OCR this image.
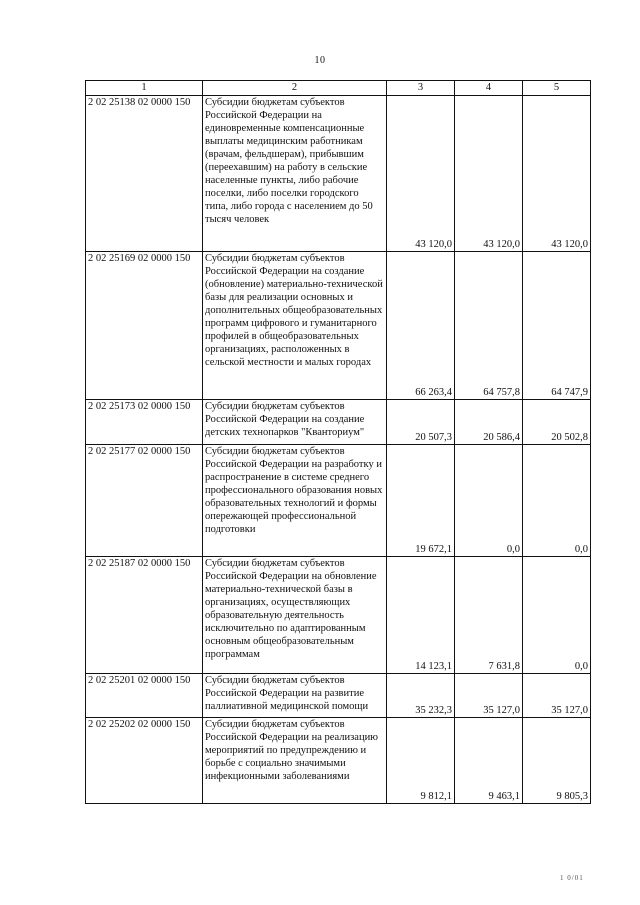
10
1	2	3	4	5
2 02 25138 02 0000 150	Субсидии бюджетам субъектов Российской Федерации на единовременные компенсационные выплаты медицинским работникам (врачам, фельдшерам), прибывшим (переехавшим) на работу в сельские населенные пункты, либо рабочие поселки, либо поселки городского типа, либо города с населением до 50 тысяч человек	43 120,0	43 120,0	43 120,0
2 02 25169 02 0000 150	Субсидии бюджетам субъектов Российской Федерации на создание (обновление) материально-технической базы для реализации основных и дополнительных общеобразовательных программ цифрового и гуманитарного профилей в общеобразовательных организациях, расположенных в сельской местности и малых городах	66 263,4	64 757,8	64 747,9
2 02 25173 02 0000 150	Субсидии бюджетам субъектов Российской Федерации на создание детских технопарков "Кванториум"	20 507,3	20 586,4	20 502,8
2 02 25177 02 0000 150	Субсидии бюджетам субъектов Российской Федерации на разработку и распространение в системе среднего профессионального образования новых образовательных технологий и формы опережающей профессиональной подготовки	19 672,1	0,0	0,0
2 02 25187 02 0000 150	Субсидии бюджетам субъектов Российской Федерации на обновление материально-технической базы в организациях, осуществляющих образовательную деятельность исключительно по адаптированным основным общеобразовательным программам	14 123,1	7 631,8	0,0
2 02 25201 02 0000 150	Субсидии бюджетам субъектов Российской Федерации на развитие паллиативной медицинской помощи	35 232,3	35 127,0	35 127,0
2 02 25202 02 0000 150	Субсидии бюджетам субъектов Российской Федерации на реализацию мероприятий по предупреждению и борьбе с социально значимыми инфекционными заболеваниями	9 812,1	9 463,1	9 805,3
1 0/01
